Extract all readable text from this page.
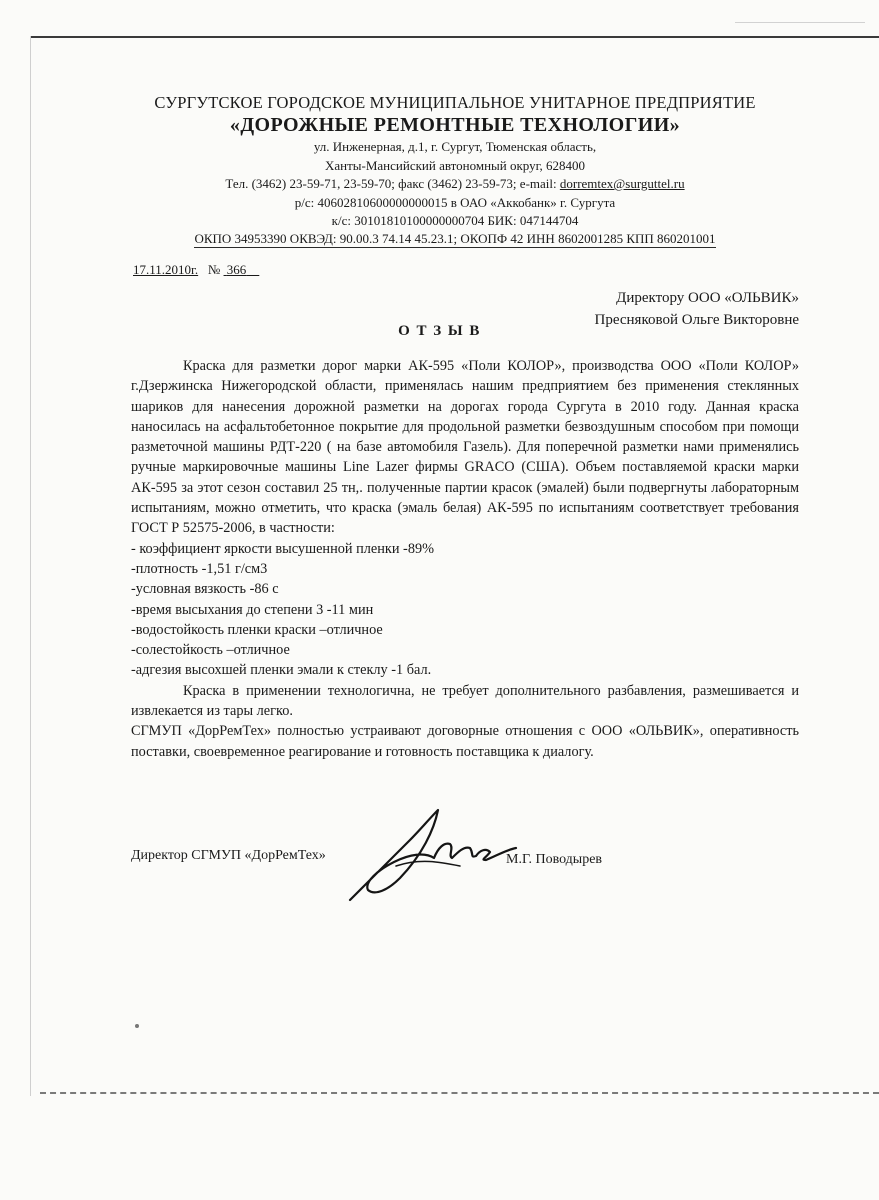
СУРГУТСКОЕ ГОРОДСКОЕ МУНИЦИПАЛЬНОЕ УНИТАРНОЕ ПРЕДПРИЯТИЕ
«ДОРОЖНЫЕ РЕМОНТНЫЕ ТЕХНОЛОГИИ»
ул. Инженерная, д.1, г. Сургут, Тюменская область,
Ханты-Мансийский автономный округ, 628400
Тел. (3462) 23-59-71, 23-59-70; факс (3462) 23-59-73; e-mail: dorremtex@surguttel.ru
р/с: 40602810600000000015 в ОАО «Аккобанк» г. Сургута
к/с: 30101810100000000704 БИК: 047144704
ОКПО 34953390 ОКВЭД: 90.00.3 74.14 45.23.1; ОКОПФ 42 ИНН 8602001285 КПП 860201001
17.11.2010г. № 366
Директору ООО «ОЛЬВИК»
Пресняковой Ольге Викторовне
О Т З Ы В

Краска для разметки дорог марки АК-595 «Поли КОЛОР», производства ООО «Поли КОЛОР» г.Дзержинска Нижегородской области, применялась нашим предприятием без применения стеклянных шариков для нанесения дорожной разметки на дорогах города Сургута в 2010 году. Данная краска наносилась на асфальтобетонное покрытие для продольной разметки безвоздушным способом при помощи разметочной машины РДТ-220 ( на базе автомобиля Газель). Для поперечной разметки нами применялись ручные маркировочные машины Line Lazer фирмы GRACO (США). Объем поставляемой краски марки АК-595 за этот сезон составил 25 тн,. полученные партии красок (эмалей) были подвергнуты лабораторным испытаниям, можно отметить, что краска (эмаль белая) АК-595 по испытаниям соответствует требования ГОСТ Р 52575-2006, в частности:

- коэффициент яркости высушенной пленки -89%
-плотность -1,51 г/см3
-условная вязкость -86 с
-время высыхания до степени 3 -11 мин
-водостойкость пленки краски –отличное
-солестойкость –отличное
-адгезия высохшей пленки эмали к стеклу -1 бал.

Краска в применении технологична, не требует дополнительного разбавления, размешивается и извлекается из тары легко.

СГМУП «ДорРемТех» полностью устраивают договорные отношения с ООО «ОЛЬВИК», оперативность поставки, своевременное реагирование и готовность поставщика к диалогу.

Директор СГМУП «ДорРемТех»	М.Г. Поводырев
